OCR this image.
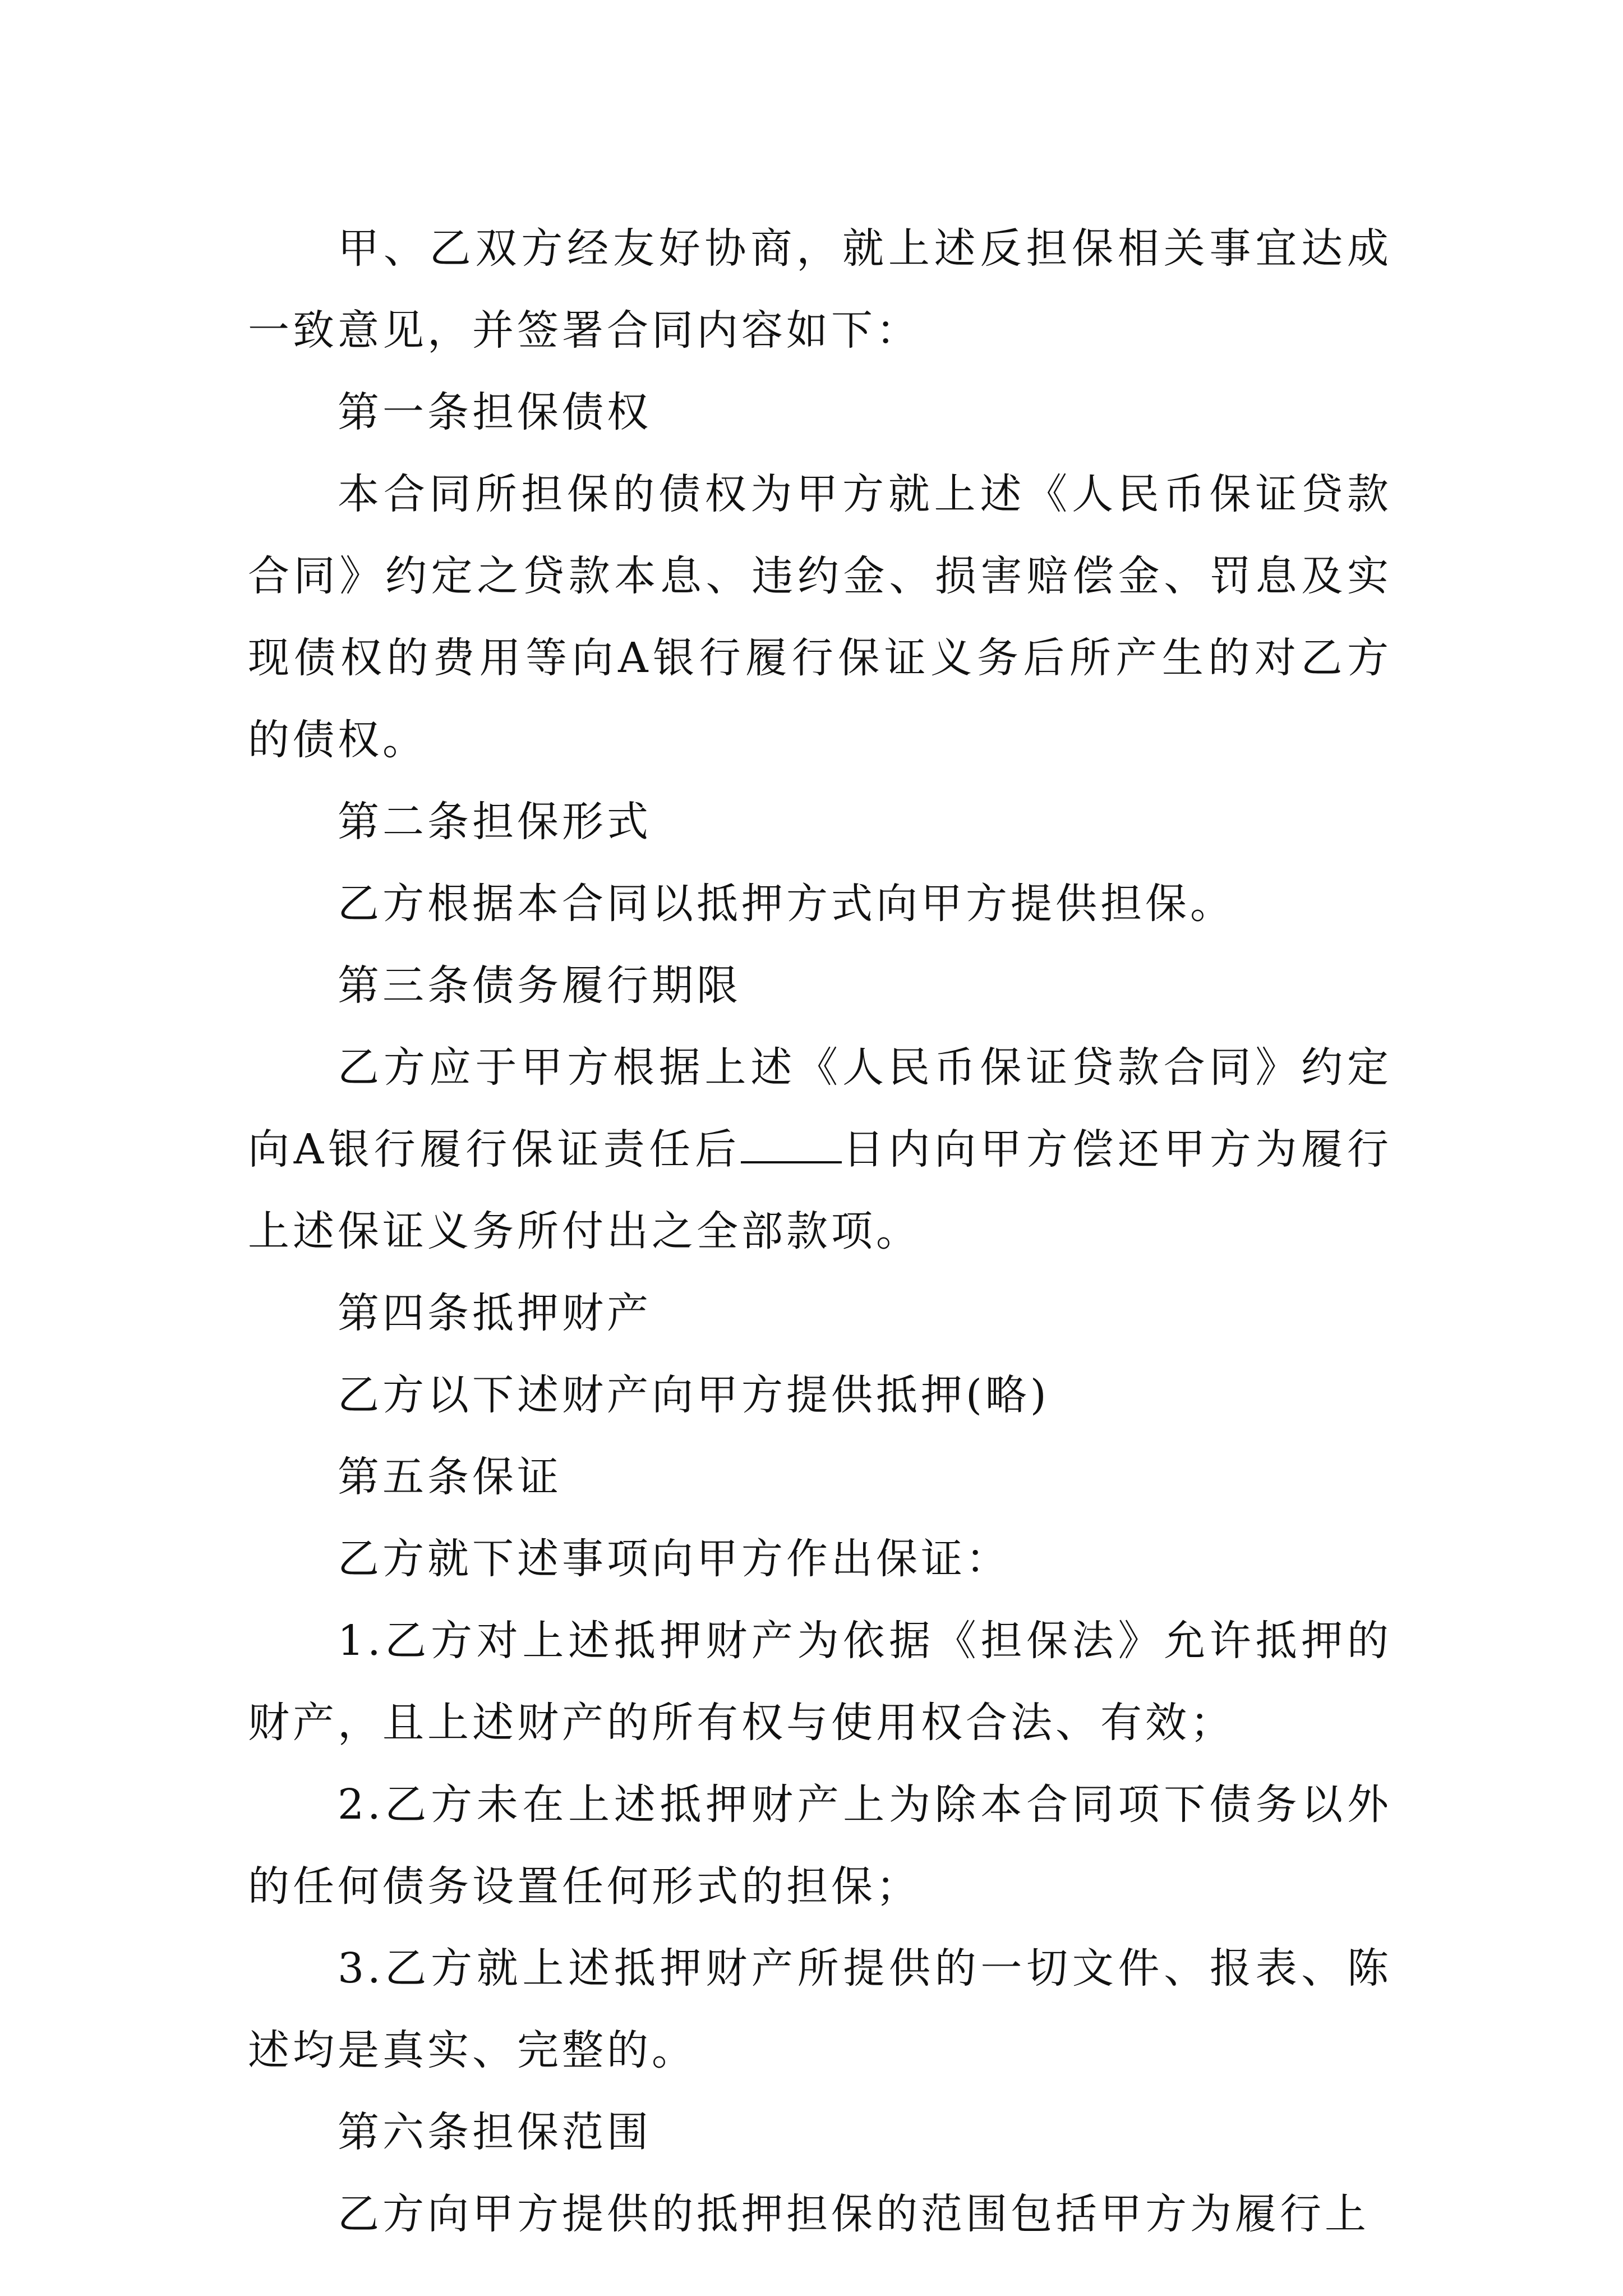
甲、乙双方经友好协商，就上述反担保相关事宜达成一致意见，并签署合同内容如下：

第一条担保债权

本合同所担保的债权为甲方就上述《人民币保证贷款合同》约定之贷款本息、违约金、损害赔偿金、罚息及实现债权的费用等向A银行履行保证义务后所产生的对乙方的债权。

第二条担保形式

乙方根据本合同以抵押方式向甲方提供担保。

第三条债务履行期限

乙方应于甲方根据上述《人民币保证贷款合同》约定向A银行履行保证责任后 日内向甲方偿还甲方为履行上述保证义务所付出之全部款项。

第四条抵押财产

乙方以下述财产向甲方提供抵押(略)

第五条保证

乙方就下述事项向甲方作出保证：

1.乙方对上述抵押财产为依据《担保法》允许抵押的财产，且上述财产的所有权与使用权合法、有效；

2.乙方未在上述抵押财产上为除本合同项下债务以外的任何债务设置任何形式的担保；

3.乙方就上述抵押财产所提供的一切文件、报表、陈述均是真实、完整的。

第六条担保范围

乙方向甲方提供的抵押担保的范围包括甲方为履行上
